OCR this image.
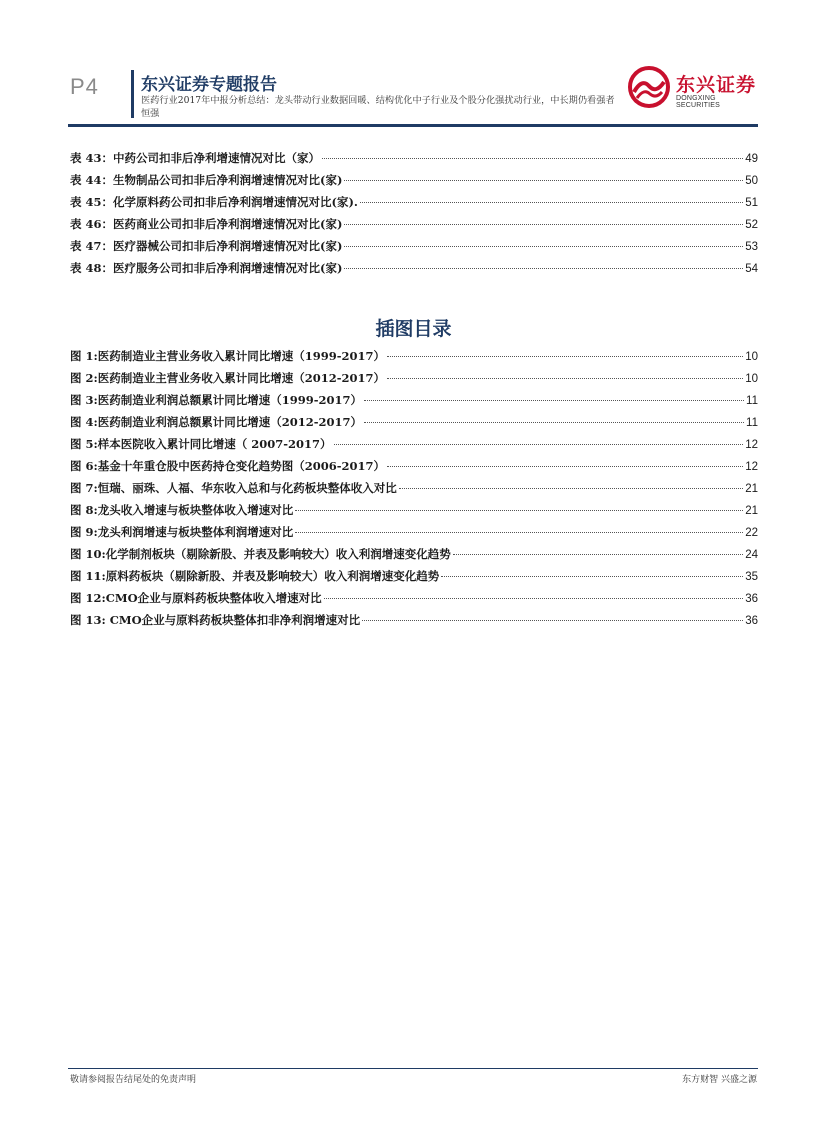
P4 东兴证券专题报告
医药行业2017年中报分析总结：龙头带动行业数据回暖、结构优化中子行业及个股分化强扰动行业，中长期仍看强者恒强
东兴证券
DONGXING SECURITIES
表 43：中药公司扣非后净利增速情况对比（家）	49
表 44：生物制品公司扣非后净利润增速情况对比(家)	50
表 45：化学原料药公司扣非后净利润增速情况对比(家).	51
表 46：医药商业公司扣非后净利润增速情况对比(家)	52
表 47：医疗器械公司扣非后净利润增速情况对比(家)	53
表 48：医疗服务公司扣非后净利润增速情况对比(家)	54
插图目录
图 1:医药制造业主营业务收入累计同比增速（1999-2017）	10
图 2:医药制造业主营业务收入累计同比增速（2012-2017）	10
图 3:医药制造业利润总额累计同比增速（1999-2017）	11
图 4:医药制造业利润总额累计同比增速（2012-2017）	11
图 5:样本医院收入累计同比增速（ 2007-2017）	12
图 6:基金十年重仓股中医药持仓变化趋势图（2006-2017）	12
图 7:恒瑞、丽珠、人福、华东收入总和与化药板块整体收入对比	21
图 8:龙头收入增速与板块整体收入增速对比	21
图 9:龙头利润增速与板块整体利润增速对比	22
图 10:化学制剂板块（剔除新股、并表及影响较大）收入利润增速变化趋势	24
图 11:原料药板块（剔除新股、并表及影响较大）收入利润增速变化趋势	35
图 12:CMO企业与原料药板块整体收入增速对比	36
图 13: CMO企业与原料药板块整体扣非净利润增速对比	36
敬请参阅报告结尾处的免责声明	东方财智 兴盛之源
